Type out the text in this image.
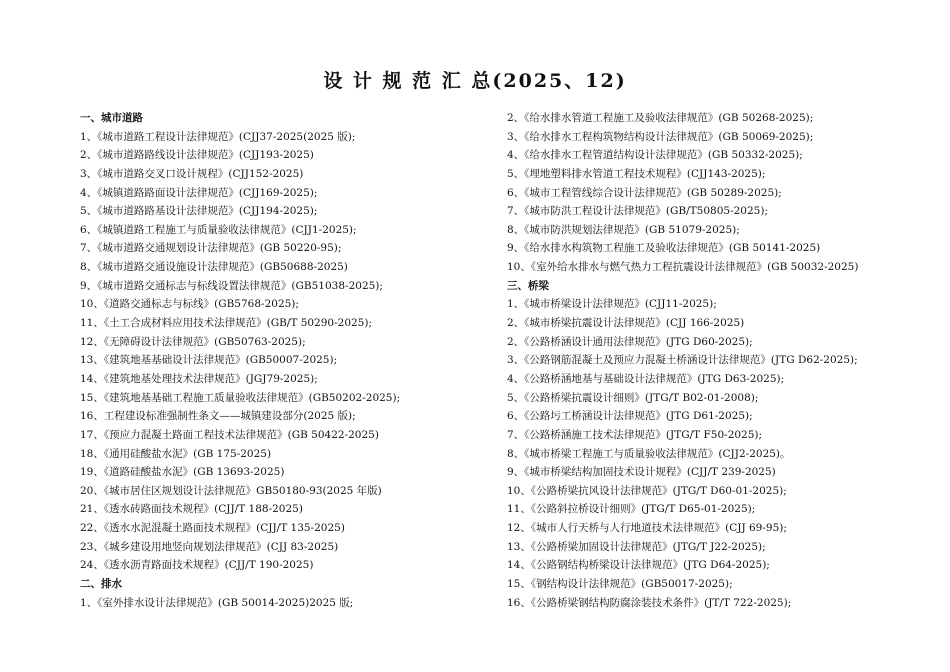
设 计 规 范 汇 总(2025、12)
一、城市道路
1、《城市道路工程设计法律规范》(CJJ37-2025(2025 版);
2、《城市道路路线设计法律规范》(CJJ193-2025)
3、《城市道路交叉口设计规程》(CJJ152-2025)
4、《城镇道路路面设计法律规范》(CJJ169-2025);
5、《城市道路路基设计法律规范》(CJJ194-2025);
6、《城镇道路工程施工与质量验收法律规范》(CJJ1-2025);
7、《城市道路交通规划设计法律规范》(GB 50220-95);
8、《城市道路交通设施设计法律规范》(GB50688-2025)
9、《城市道路交通标志与标线设置法律规范》(GB51038-2025);
10、《道路交通标志与标线》(GB5768-2025);
11、《土工合成材料应用技术法律规范》(GB/T 50290-2025);
12、《无障碍设计法律规范》(GB50763-2025);
13、《建筑地基基础设计法律规范》(GB50007-2025);
14、《建筑地基处理技术法律规范》(JGJ79-2025);
15、《建筑地基基础工程施工质量验收法律规范》(GB50202-2025);
16、工程建设标准强制性条文——城镇建设部分(2025 版);
17、《预应力混凝土路面工程技术法律规范》(GB 50422-2025)
18、《通用硅酸盐水泥》(GB 175-2025)
19、《道路硅酸盐水泥》(GB 13693-2025)
20、《城市居住区规划设计法律规范》GB50180-93(2025 年版)
21、《透水砖路面技术规程》(CJJ/T 188-2025)
22、《透水水泥混凝土路面技术规程》(CJJ/T 135-2025)
23、《城乡建设用地竖向规划法律规范》(CJJ 83-2025)
24、《透水沥青路面技术规程》(CJJ/T 190-2025)
二、排水
1、《室外排水设计法律规范》(GB 50014-2025)2025 版;
2、《给水排水管道工程施工及验收法律规范》(GB 50268-2025);
3、《给水排水工程构筑物结构设计法律规范》(GB 50069-2025);
4、《给水排水工程管道结构设计法律规范》(GB 50332-2025);
5、《埋地塑料排水管道工程技术规程》(CJJ143-2025);
6、《城市工程管线综合设计法律规范》(GB 50289-2025);
7、《城市防洪工程设计法律规范》(GB/T50805-2025);
8、《城市防洪规划法律规范》(GB 51079-2025);
9、《给水排水构筑物工程施工及验收法律规范》(GB 50141-2025)
10、《室外给水排水与燃气热力工程抗震设计法律规范》(GB 50032-2025)
三、桥梁
1、《城市桥梁设计法律规范》(CJJ11-2025);
2、《城市桥梁抗震设计法律规范》(CJJ 166-2025)
2、《公路桥涵设计通用法律规范》(JTG D60-2025);
3、《公路钢筋混凝土及预应力混凝土桥涵设计法律规范》(JTG D62-2025);
4、《公路桥涵地基与基础设计法律规范》(JTG D63-2025);
5、《公路桥梁抗震设计细则》(JTG/T B02-01-2008);
6、《公路圬工桥涵设计法律规范》(JTG D61-2025);
7、《公路桥涵施工技术法律规范》(JTG/T F50-2025);
8、《城市桥梁工程施工与质量验收法律规范》(CJJ2-2025)。
9、《城市桥梁结构加固技术设计规程》(CJJ/T 239-2025)
10、《公路桥梁抗风设计法律规范》(JTG/T D60-01-2025);
11、《公路斜拉桥设计细则》(JTG/T D65-01-2025);
12、《城市人行天桥与人行地道技术法律规范》(CJJ 69-95);
13、《公路桥梁加固设计法律规范》(JTG/T J22-2025);
14、《公路钢结构桥梁设计法律规范》(JTG D64-2025);
15、《钢结构设计法律规范》(GB50017-2025);
16、《公路桥梁钢结构防腐涂装技术条件》(JT/T 722-2025);
